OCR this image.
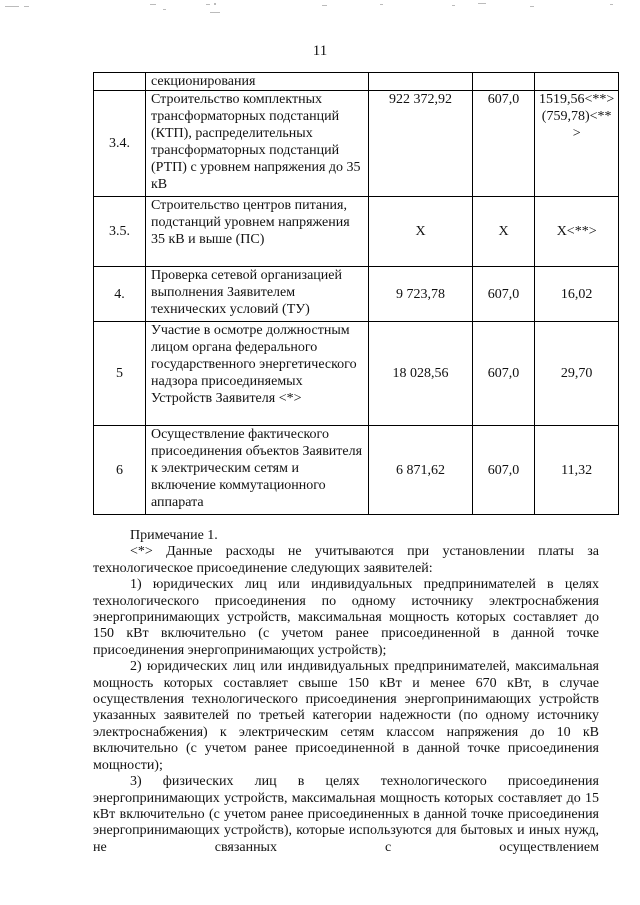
11
	секционирования			
3.4.	Строительство комплектных трансформаторных подстанций (КТП), распределительных трансформаторных подстанций (РТП) с уровнем напряжения до 35 кВ	922 372,92	607,0	1519,56<**> (759,78)<** >
3.5.	Строительство центров питания, подстанций уровнем напряжения 35 кВ и выше (ПС)	X	X	X<**>
4.	Проверка сетевой организацией выполнения Заявителем технических условий (ТУ)	9 723,78	607,0	16,02
5	Участие в осмотре должностным лицом органа федерального государственного энергетического надзора присоединяемых Устройств Заявителя <*>	18 028,56	607,0	29,70
6	Осуществление фактического присоединения объектов Заявителя к электрическим сетям и включение коммутационного аппарата	6 871,62	607,0	11,32

Примечание 1.

<*> Данные расходы не учитываются при установлении платы за технологическое присоединение следующих заявителей:

1) юридических лиц или индивидуальных предпринимателей в целях технологического присоединения по одному источнику электроснабжения энергопринимающих устройств, максимальная мощность которых составляет до 150 кВт включительно (с учетом ранее присоединенной в данной точке присоединения энергопринимающих устройств);

2) юридических лиц или индивидуальных предпринимателей, максимальная мощность которых составляет свыше 150 кВт и менее 670 кВт, в случае осуществления технологического присоединения энергопринимающих устройств указанных заявителей по третьей категории надежности (по одному источнику электроснабжения) к электрическим сетям классом напряжения до 10 кВ включительно (с учетом ранее присоединенной в данной точке присоединения мощности);

3) физических лиц в целях технологического присоединения энергопринимающих устройств, максимальная мощность которых составляет до 15 кВт включительно (с учетом ранее присоединенных в данной точке присоединения энергопринимающих устройств), которые используются для бытовых и иных нужд, не связанных с осуществлением
